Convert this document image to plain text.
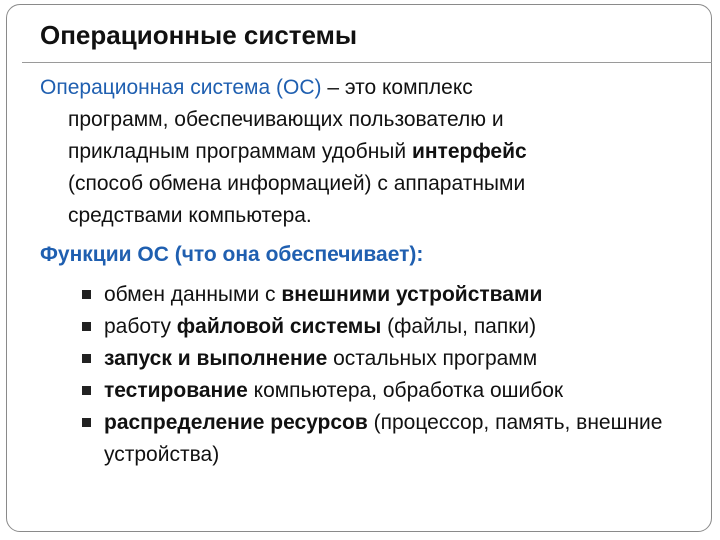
Операционные системы

Операционная система (ОС) – это комплекс
программ, обеспечивающих пользователю и
прикладным программам удобный интерфейс
(способ обмена информацией) с аппаратными
средствами компьютера.

Функции ОС (что она обеспечивает):
обмен данными с внешними устройствами
работу файловой системы (файлы, папки)
запуск и выполнение остальных программ
тестирование компьютера, обработка ошибок
распределение ресурсов (процессор, память, внешние устройства)
